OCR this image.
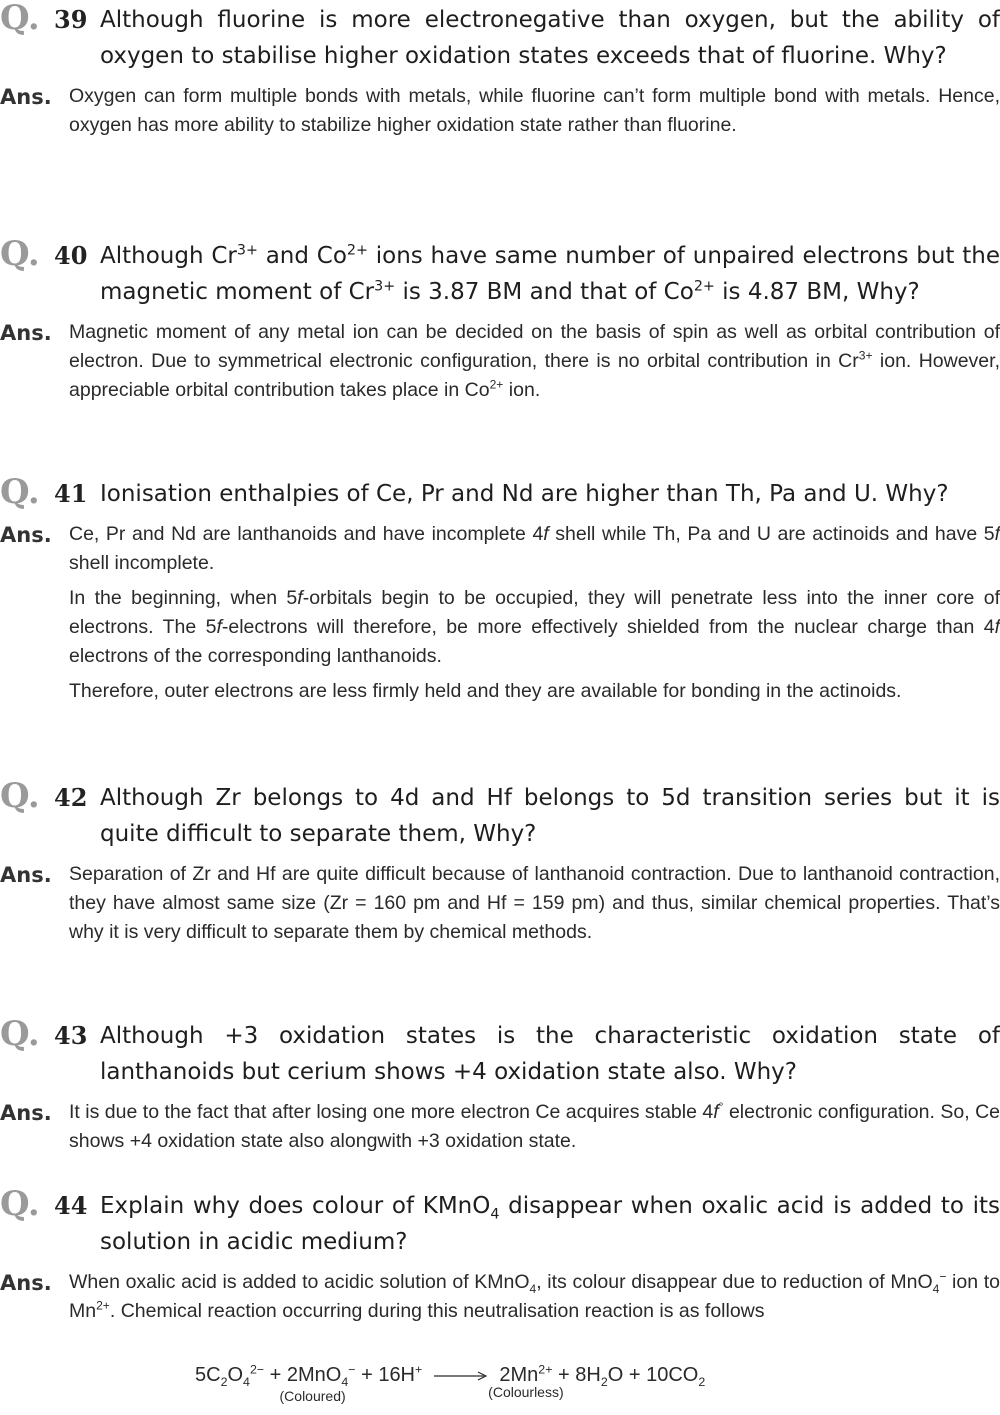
Q. 39 Although fluorine is more electronegative than oxygen, but the ability of oxygen to stabilise higher oxidation states exceeds that of fluorine. Why?
Ans. Oxygen can form multiple bonds with metals, while fluorine can’t form multiple bond with metals. Hence, oxygen has more ability to stabilize higher oxidation state rather than fluorine.

Q. 40 Although $Cr^{3+}$ and $Co^{2+}$ ions have same number of unpaired electrons but the magnetic moment of $Cr^{3+}$ is 3.87 BM and that of $Co^{2+}$ is 4.87 BM, Why?
Ans. Magnetic moment of any metal ion can be decided on the basis of spin as well as orbital contribution of electron. Due to symmetrical electronic configuration, there is no orbital contribution in $Cr^{3+}$ ion. However, appreciable orbital contribution takes place in $Co^{2+}$ ion.

Q. 41 Ionisation enthalpies of Ce, Pr and Nd are higher than Th, Pa and U. Why?
Ans. Ce, Pr and Nd are lanthanoids and have incomplete 4f shell while Th, Pa and U are actinoids and have 5f shell incomplete.

In the beginning, when 5f-orbitals begin to be occupied, they will penetrate less into the inner core of electrons. The 5f-electrons will therefore, be more effectively shielded from the nuclear charge than 4f electrons of the corresponding lanthanoids.

Therefore, outer electrons are less firmly held and they are available for bonding in the actinoids.

Q. 42 Although Zr belongs to 4d and Hf belongs to 5d transition series but it is quite difficult to separate them, Why?
Ans. Separation of Zr and Hf are quite difficult because of lanthanoid contraction. Due to lanthanoid contraction, they have almost same size (Zr = 160 pm and Hf = 159 pm) and thus, similar chemical properties. That’s why it is very difficult to separate them by chemical methods.

Q. 43 Although +3 oxidation states is the characteristic oxidation state of lanthanoids but cerium shows +4 oxidation state also. Why?
Ans. It is due to the fact that after losing one more electron Ce acquires stable 4f° electronic configuration. So, Ce shows +4 oxidation state also alongwith +3 oxidation state.

Q. 44 Explain why does colour of KMnO$_4$ disappear when oxalic acid is added to its solution in acidic medium?
Ans. When oxalic acid is added to acidic solution of KMnO$_4$, its colour disappear due to reduction of MnO$_4$− ion to $Mn^{2+}$. Chemical reaction occurring during this neutralisation reaction is as follows

$5C_2O_4^{2-} + 2MnO_4^-$
(Coloured)
+ $16H^+ \to 2Mn^{2+}$
(Colourless)
+ $8H_2O + 10CO_2$
